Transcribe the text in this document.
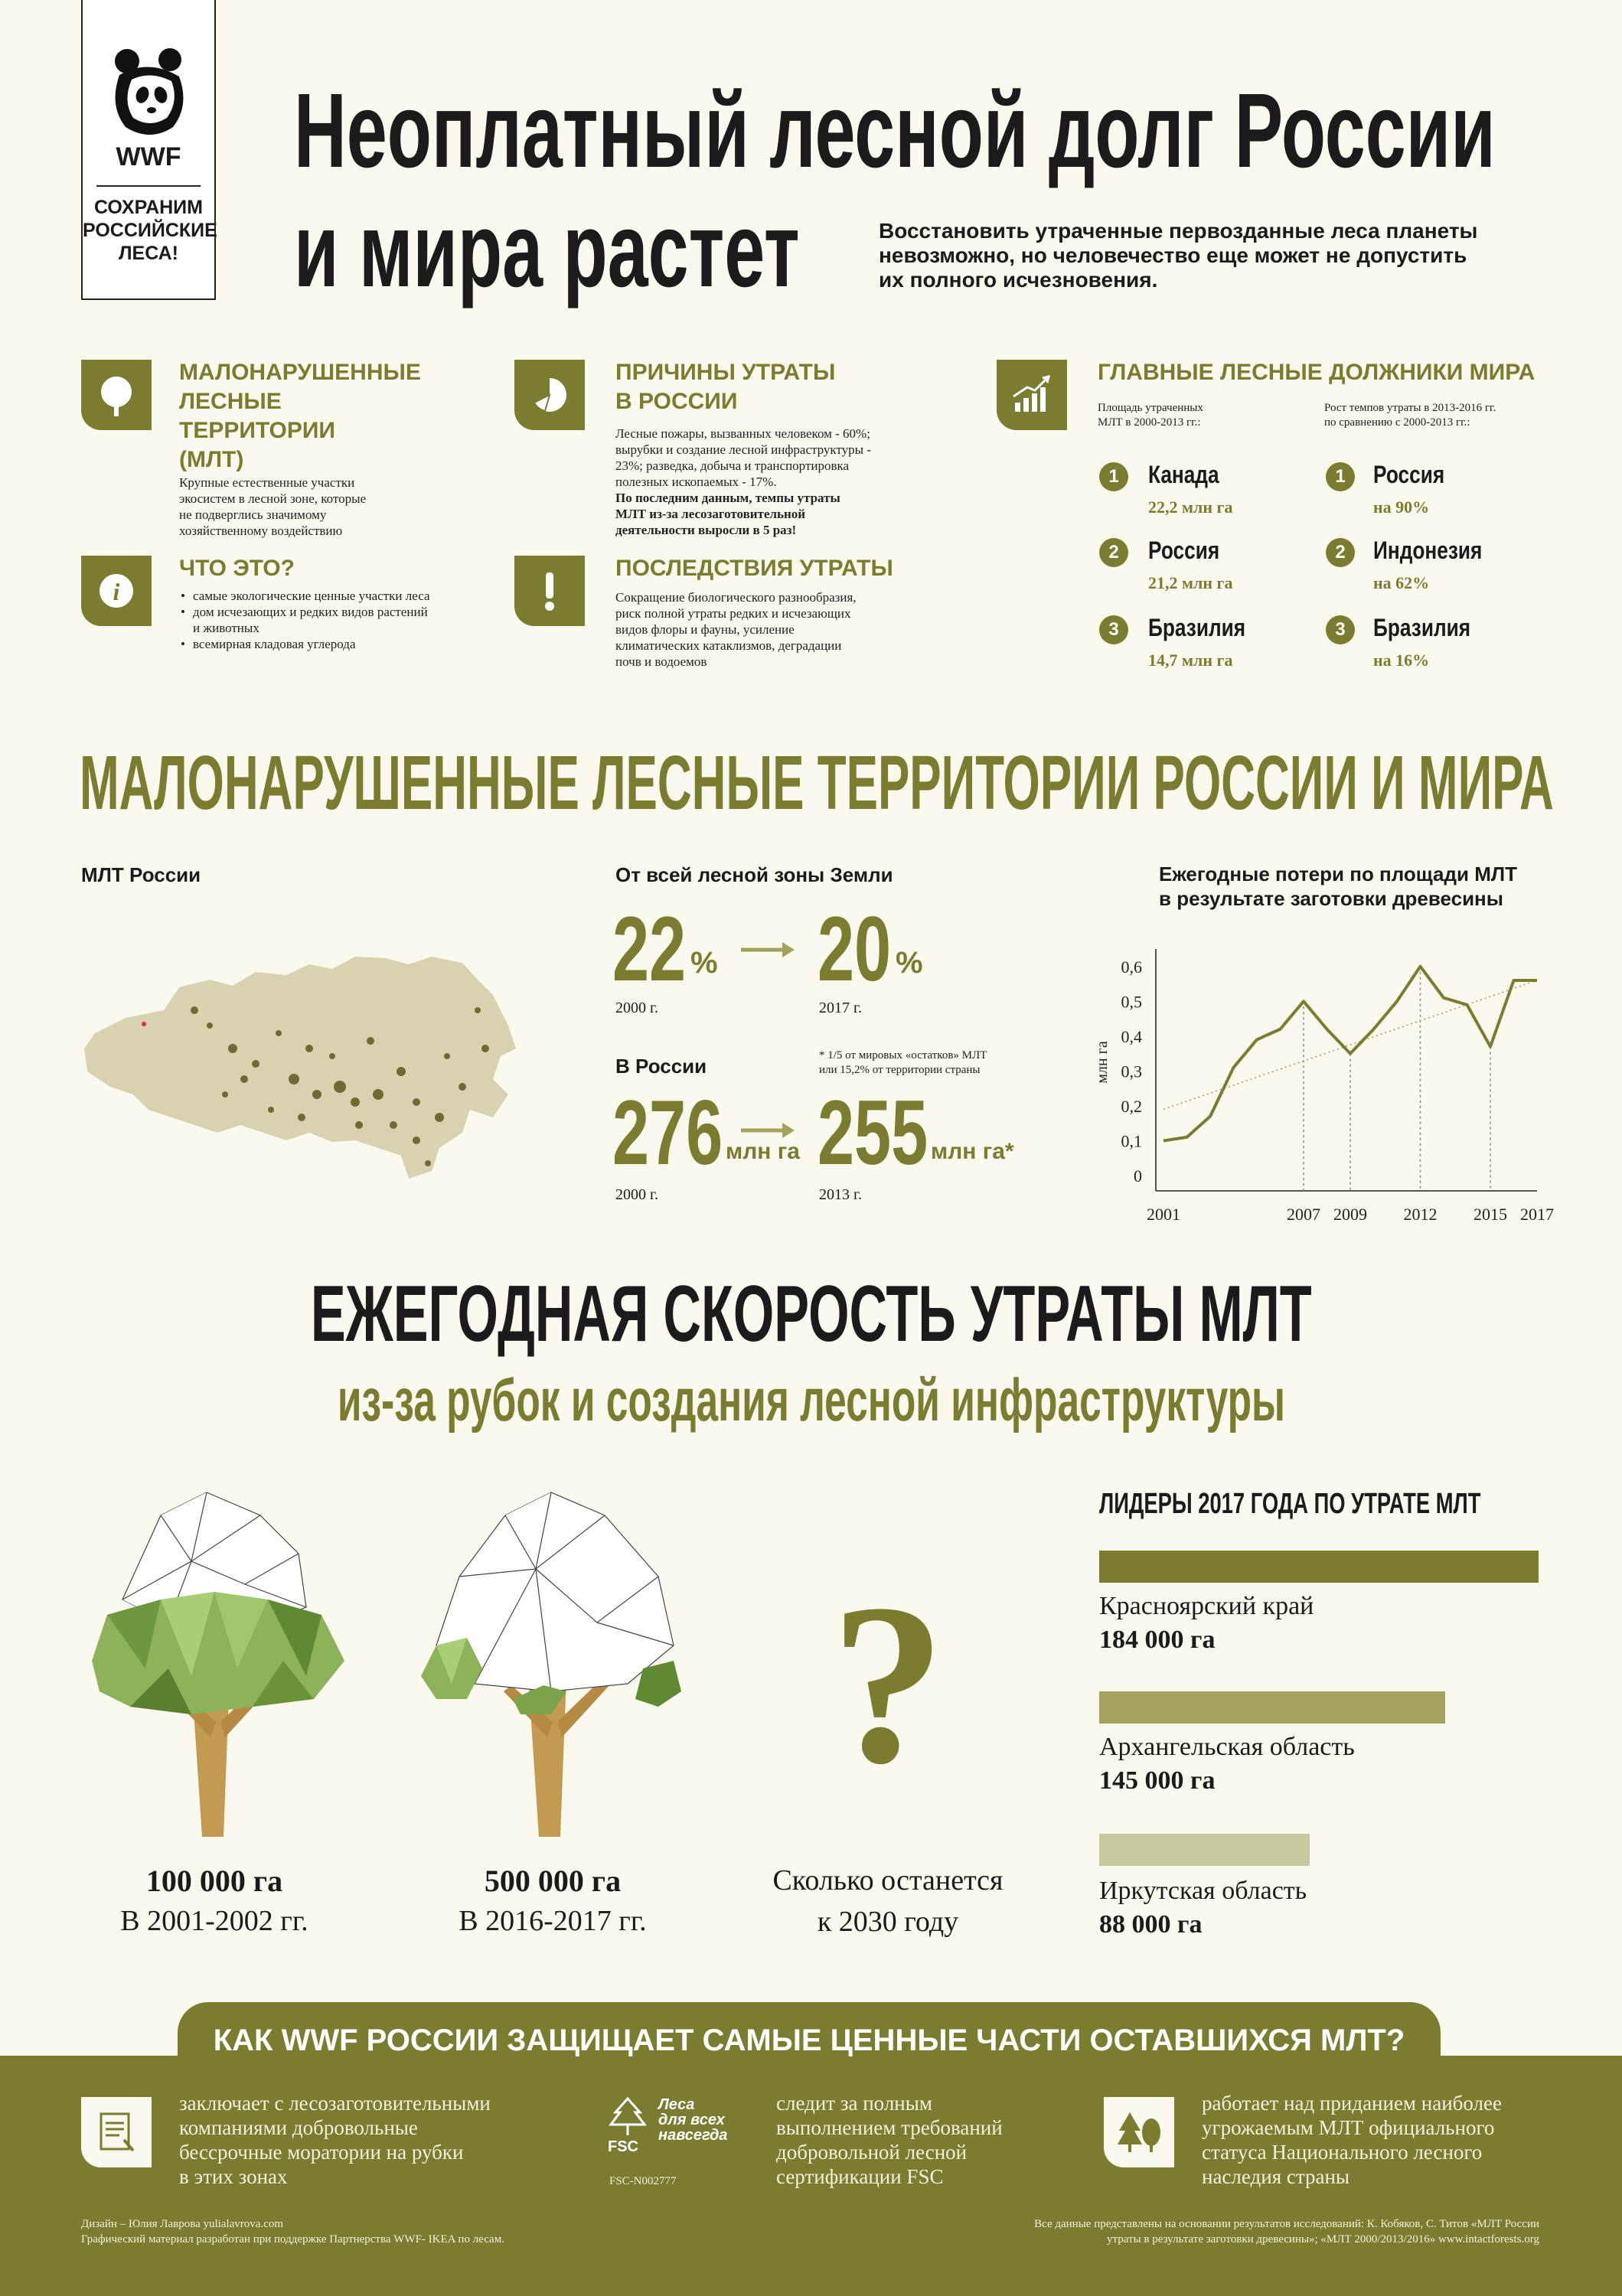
WWF
СОХРАНИМ
РОССИЙСКИЕ
ЛЕСА!
Неоплатный лесной долг России
и мира растет	Восстановить утраченные первозданные леса планеты
невозможно, но человечество еще может не допустить
их полного исчезновения.
МАЛОНАРУШЕННЫЕ
ЛЕСНЫЕ
ТЕРРИТОРИИ
(МЛТ)
Крупные естественные участки
экосистем в лесной зоне, которые
не подверглись значимому
хозяйственному воздействию
i
ЧТО ЭТО?
• самые экологические ценные участки леса
• дом исчезающих и редких видов растений и животных
• всемирная кладовая углерода
ПРИЧИНЫ УТРАТЫ
В РОССИИ
Лесные пожары, вызванных человеком - 60%;
вырубки и создание лесной инфраструктуры -
23%; разведка, добыча и транспортировка
полезных ископаемых - 17%.
По последним данным, темпы утраты
МЛТ из-за лесозаготовительной
деятельности выросли в 5 раз!
ПОСЛЕДСТВИЯ УТРАТЫ
Сокращение биологического разнообразия,
риск полной утраты редких и исчезающих
видов флоры и фауны, усиление
климатических катаклизмов, деградации
почв и водоемов
ГЛАВНЫЕ ЛЕСНЫЕ ДОЛЖНИКИ МИРА
Площадь утраченных
МЛТ в 2000-2013 гг.:
Рост темпов утраты в 2013-2016 гг.
по сравнению с 2000-2013 гг.:
1	Канада
22,2 млн га
2	Россия
21,2 млн га
3	Бразилия
14,7 млн га
1	Россия
на 90%
2	Индонезия
на 62%
3	Бразилия
на 16%
МАЛОНАРУШЕННЫЕ ЛЕСНЫЕ ТЕРРИТОРИИ РОССИИ И МИРА
МЛТ России	От всей лесной зоны Земли
22 % 20 %
2000 г.	2017 г.
В России	* 1/5 от мировых «остатков» МЛТ
или 15,2% от территории страны
276 млн га 255 млн га*
2000 г.	2013 г.
Ежегодные потери по площади МЛТ
в результате заготовки древесины
0
0,1
0,2
0,3
0,4
0,5
0,6
млн га
2001	2007 2009 2012 2015 2017
ЕЖЕГОДНАЯ СКОРОСТЬ УТРАТЫ МЛТ
из-за рубок и создания лесной инфраструктуры
100 000 га
В 2001-2002 гг.
500 000 га
В 2016-2017 гг.
?
Сколько останется
к 2030 году
ЛИДЕРЫ 2017 ГОДА ПО УТРАТЕ МЛТ
Красноярский край
184 000 га
Архангельская область
145 000 га
Иркутская область
88 000 га
КАК WWF РОССИИ ЗАЩИЩАЕТ САМЫЕ ЦЕННЫЕ ЧАСТИ ОСТАВШИХСЯ МЛТ?
заключает с лесозаготовительными
компаниями добровольные
бессрочные моратории на рубки
в этих зонах
FSC
Леса
для всех
навсегда
FSC-N002777
следит за полным
выполнением требований
добровольной лесной
сертификации FSC
работает над приданием наиболее
угрожаемым МЛТ официального
статуса Национального лесного
наследия страны
Дизайн – Юлия Лаврова yulialavrova.com
Графический материал разработан при поддержке Партнерства WWF- IKEA по лесам.
Все данные представлены на основании результатов исследований: К. Кобяков, С. Титов «МЛТ России
утраты в результате заготовки древесины»; «МЛТ 2000/2013/2016» www.intactforests.org
